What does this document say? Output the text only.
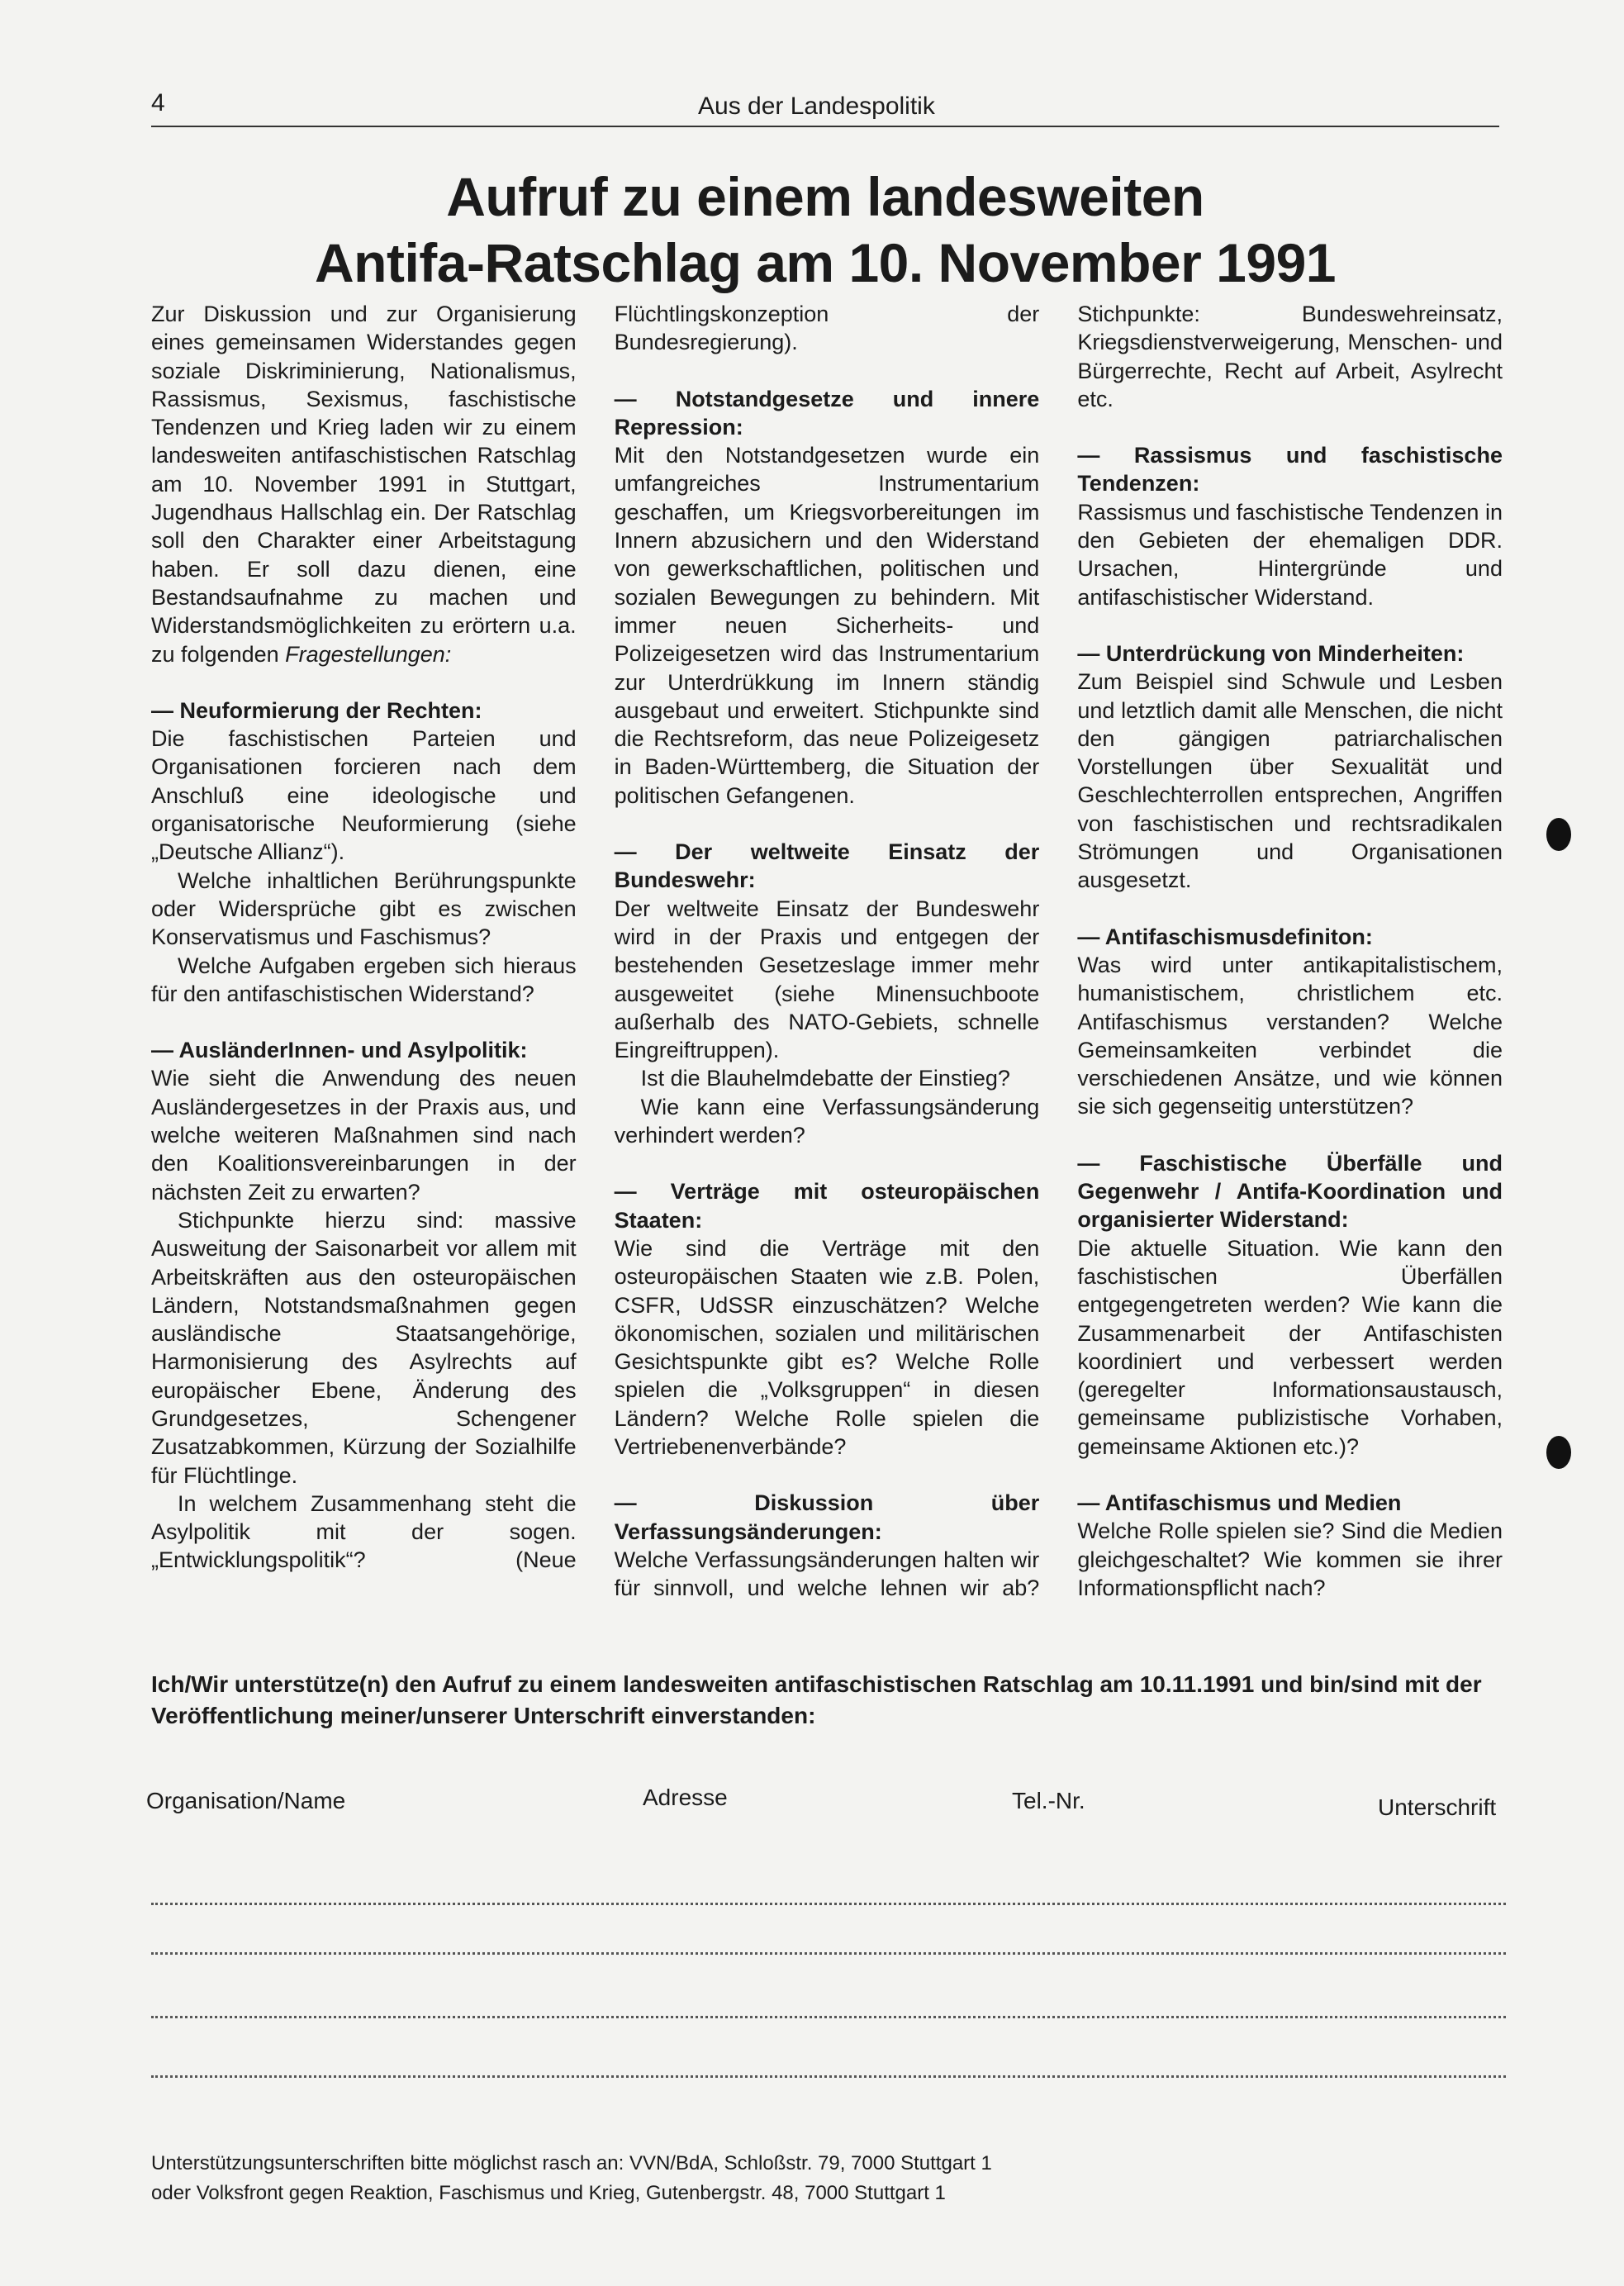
4	Aus der Landespolitik
Aufruf zu einem landesweiten
Antifa-Ratschlag am 10. November 1991

Zur Diskussion und zur Organisierung eines gemeinsamen Widerstandes gegen soziale Diskriminierung, Nationalismus, Rassismus, Sexismus, faschistische Tendenzen und Krieg laden wir zu einem landesweiten antifaschistischen Ratschlag am 10. November 1991 in Stuttgart, Jugendhaus Hallschlag ein. Der Ratschlag soll den Charakter einer Arbeitstagung haben. Er soll dazu dienen, eine Bestandsaufnahme zu machen und Widerstandsmöglichkeiten zu erörtern u.a. zu folgenden Fragestellungen:

— Neuformierung der Rechten:

Die faschistischen Parteien und Organisationen forcieren nach dem Anschluß eine ideologische und organisatorische Neuformierung (siehe „Deutsche Allianz“).

Welche inhaltlichen Berührungspunkte oder Widersprüche gibt es zwischen Konservatismus und Faschismus?

Welche Aufgaben ergeben sich hieraus für den antifaschistischen Widerstand?

— AusländerInnen- und Asylpolitik:

Wie sieht die Anwendung des neuen Ausländergesetzes in der Praxis aus, und welche weiteren Maßnahmen sind nach den Koalitionsvereinbarungen in der nächsten Zeit zu erwarten?

Stichpunkte hierzu sind: massive Ausweitung der Saisonarbeit vor allem mit Arbeitskräften aus den osteuropäischen Ländern, Notstandsmaßnahmen gegen ausländische Staatsangehörige, Harmonisierung des Asylrechts auf europäischer Ebene, Änderung des Grundgesetzes, Schengener Zusatzabkommen, Kürzung der Sozialhilfe für Flüchtlinge.

In welchem Zusammenhang steht die Asylpolitik mit der sogen. „Entwicklungspolitik“? (Neue Flüchtlingskonzeption der Bundesregierung).

— Notstandgesetze und innere Repression:

Mit den Notstandgesetzen wurde ein umfangreiches Instrumentarium geschaffen, um Kriegsvorbereitungen im Innern abzusichern und den Widerstand von gewerkschaftlichen, politischen und sozialen Bewegungen zu behindern. Mit immer neuen Sicherheits- und Polizeigesetzen wird das Instrumentarium zur Unterdrükkung im Innern ständig ausgebaut und erweitert. Stichpunkte sind die Rechtsreform, das neue Polizeigesetz in Baden-Württemberg, die Situation der politischen Gefangenen.

— Der weltweite Einsatz der Bundeswehr:

Der weltweite Einsatz der Bundeswehr wird in der Praxis und entgegen der bestehenden Gesetzeslage immer mehr ausgeweitet (siehe Minensuchboote außerhalb des NATO-Gebiets, schnelle Eingreiftruppen).

Ist die Blauhelmdebatte der Einstieg?

Wie kann eine Verfassungsänderung verhindert werden?

— Verträge mit osteuropäischen Staaten:

Wie sind die Verträge mit den osteuropäischen Staaten wie z.B. Polen, CSFR, UdSSR einzuschätzen? Welche ökonomischen, sozialen und militärischen Gesichtspunkte gibt es? Welche Rolle spielen die „Volksgruppen“ in diesen Ländern? Welche Rolle spielen die Vertriebenenverbände?

— Diskussion über Verfassungsänderungen:

Welche Verfassungsänderungen halten wir für sinnvoll, und welche lehnen wir ab? Stichpunkte: Bundeswehreinsatz, Kriegsdienstverweigerung, Menschen- und Bürgerrechte, Recht auf Arbeit, Asylrecht etc.

— Rassismus und faschistische Tendenzen:

Rassismus und faschistische Tendenzen in den Gebieten der ehemaligen DDR. Ursachen, Hintergründe und antifaschistischer Widerstand.

— Unterdrückung von Minderheiten:

Zum Beispiel sind Schwule und Lesben und letztlich damit alle Menschen, die nicht den gängigen patriarchalischen Vorstellungen über Sexualität und Geschlechterrollen entsprechen, Angriffen von faschistischen und rechtsradikalen Strömungen und Organisationen ausgesetzt.

— Antifaschismusdefiniton:

Was wird unter antikapitalistischem, humanistischem, christlichem etc. Antifaschismus verstanden? Welche Gemeinsamkeiten verbindet die verschiedenen Ansätze, und wie können sie sich gegenseitig unterstützen?

— Faschistische Überfälle und Gegenwehr / Antifa-Koordination und organisierter Widerstand:

Die aktuelle Situation. Wie kann den faschistischen Überfällen entgegengetreten werden? Wie kann die Zusammenarbeit der Antifaschisten koordiniert und verbessert werden (geregelter Informationsaustausch, gemeinsame publizistische Vorhaben, gemeinsame Aktionen etc.)?

— Antifaschismus und Medien

Welche Rolle spielen sie? Sind die Medien gleichgeschaltet? Wie kommen sie ihrer Informationspflicht nach?

Ich/Wir unterstütze(n) den Aufruf zu einem landesweiten antifaschistischen Ratschlag am 10.11.1991 und bin/sind mit der Veröffentlichung meiner/unserer Unterschrift einverstanden:
Organisation/Name	Adresse	Tel.-Nr.	Unterschrift
Unterstützungsunterschriften bitte möglichst rasch an: VVN/BdA, Schloßstr. 79, 7000 Stuttgart 1
oder Volksfront gegen Reaktion, Faschismus und Krieg, Gutenbergstr. 48, 7000 Stuttgart 1
